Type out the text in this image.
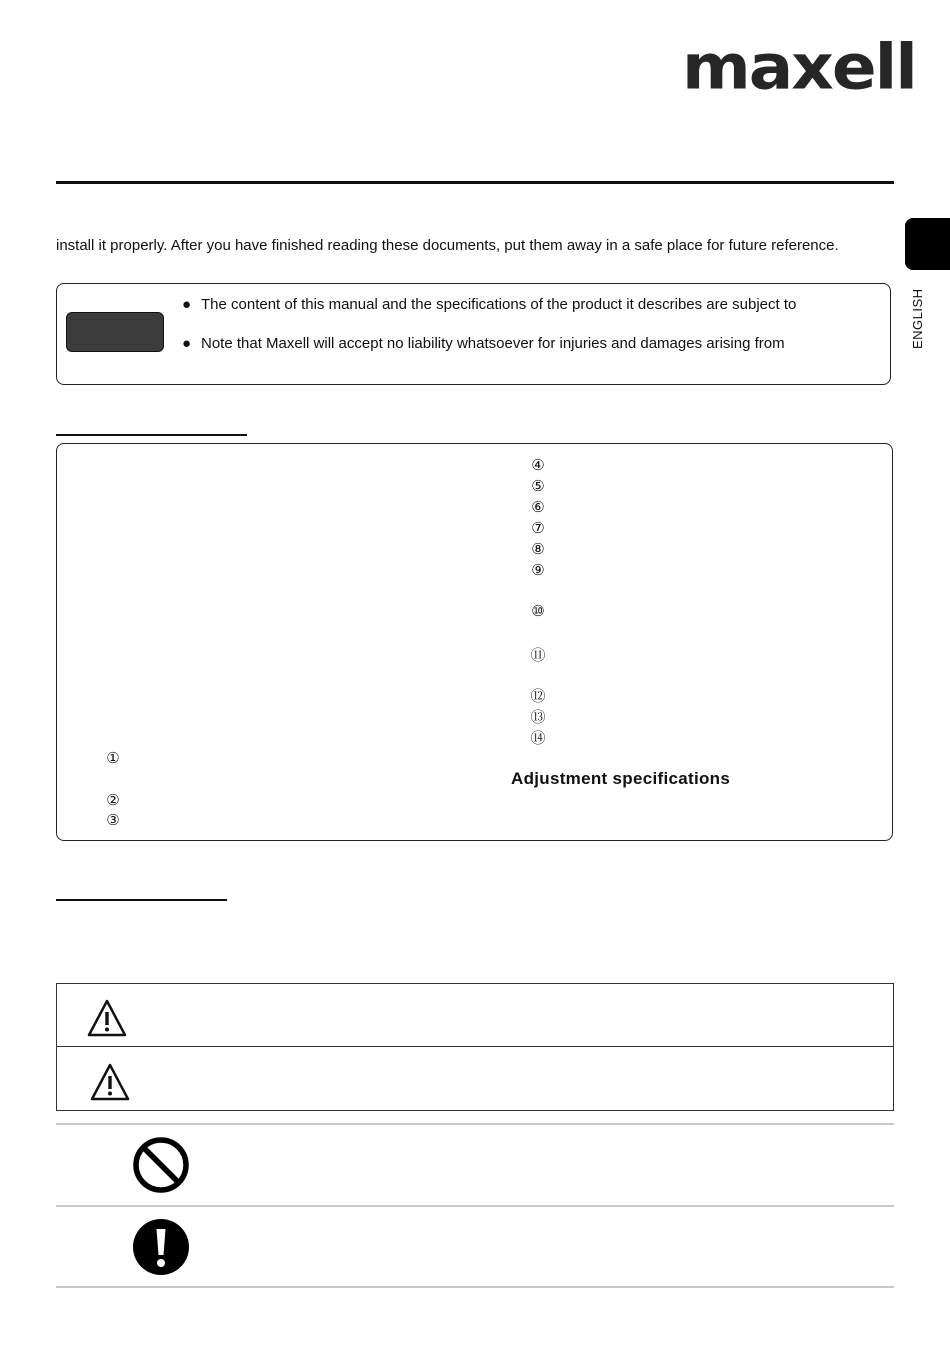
maxell
ENGLISH
install it properly. After you have finished reading these documents, put them away in a safe place for future reference.
● The content of this manual and the specifications of the product it describes are subject to
● Note that Maxell will accept no liability whatsoever for injuries and damages arising from
④
⑤
⑥
⑦
⑧
⑨
⑩
⑪
⑫
⑬
⑭
①
②
③
Adjustment specifications
